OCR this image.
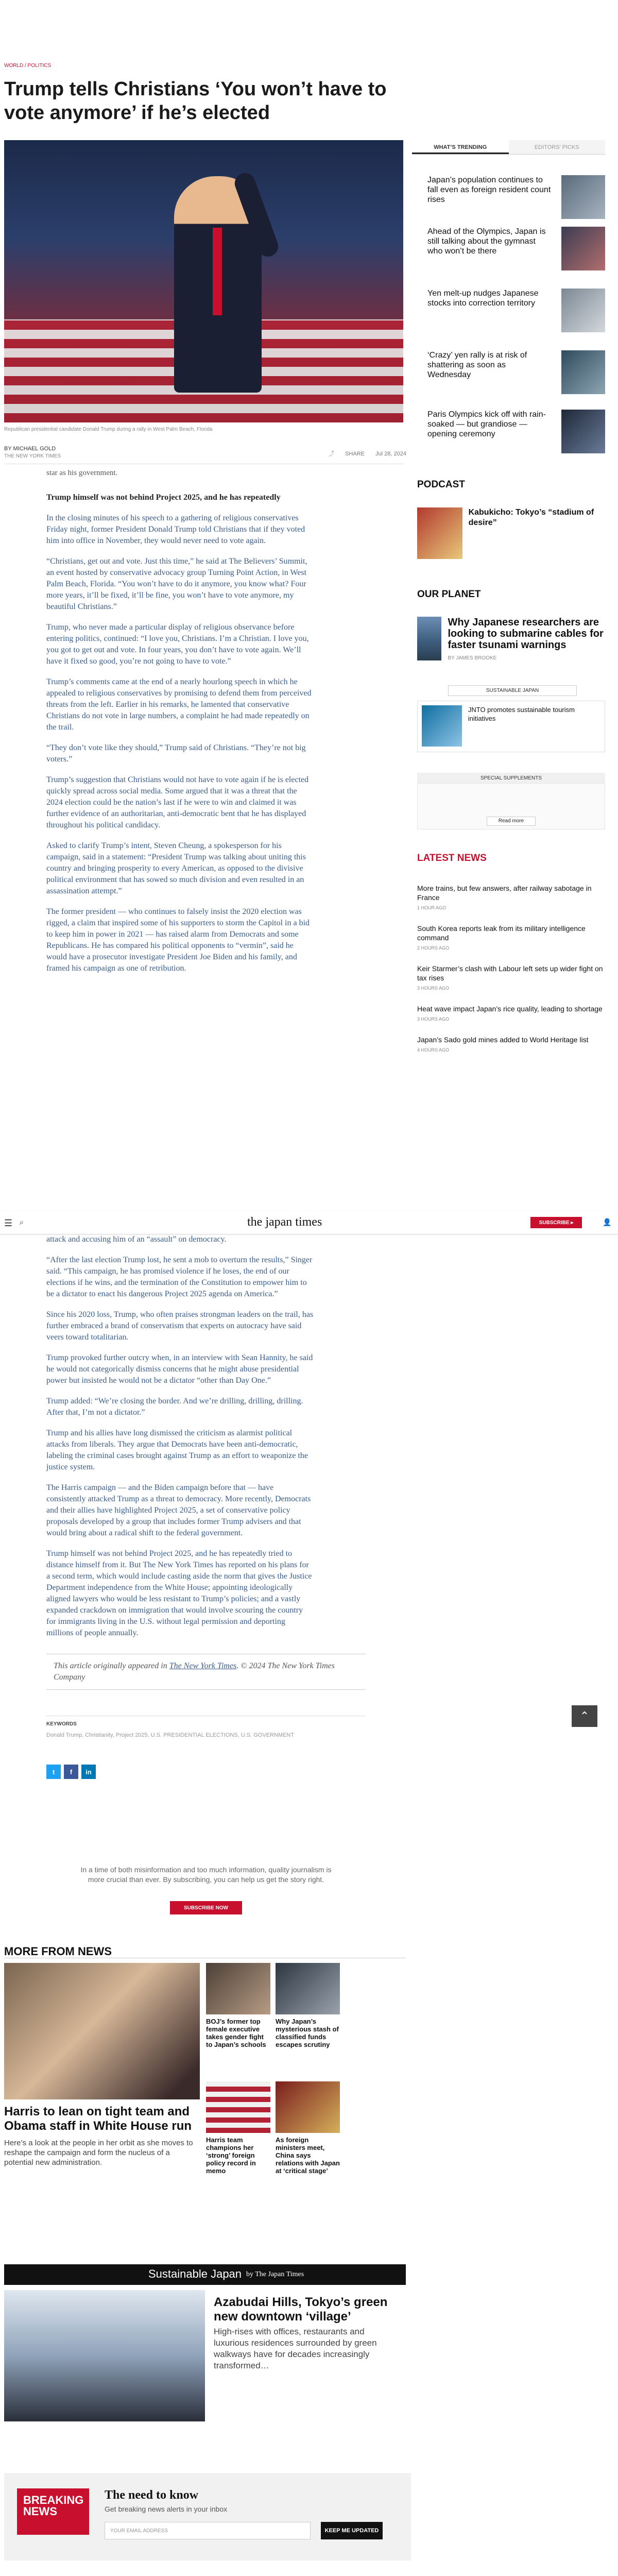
WORLD / POLITICS
Trump tells Christians ‘You won’t have to vote anymore’ if he’s elected
Republican presidential candidate Donald Trump during a rally in West Palm Beach, Florida
BY MICHAEL GOLD
THE NEW YORK TIMES	⤴ SHARE Jul 28, 2024
star as his government.

Trump himself was not behind Project 2025, and he has repeatedly

In the closing minutes of his speech to a gathering of religious conservatives Friday night, former President Donald Trump told Christians that if they voted him into office in November, they would never need to vote again.

“Christians, get out and vote. Just this time,” he said at The Believers’ Summit, an event hosted by conservative advocacy group Turning Point Action, in West Palm Beach, Florida. “You won’t have to do it anymore, you know what? Four more years, it’ll be fixed, it’ll be fine, you won’t have to vote anymore, my beautiful Christians.”

Trump, who never made a particular display of religious observance before entering politics, continued: “I love you, Christians. I’m a Christian. I love you, you got to get out and vote. In four years, you don’t have to vote again. We’ll have it fixed so good, you’re not going to have to vote.”

Trump’s comments came at the end of a nearly hourlong speech in which he appealed to religious conservatives by promising to defend them from perceived threats from the left. Earlier in his remarks, he lamented that conservative Christians do not vote in large numbers, a complaint he had made repeatedly on the trail.

“They don’t vote like they should,” Trump said of Christians. “They’re not big voters.”

Trump’s suggestion that Christians would not have to vote again if he is elected quickly spread across social media. Some argued that it was a threat that the 2024 election could be the nation’s last if he were to win and claimed it was further evidence of an authoritarian, anti-democratic bent that he has displayed throughout his political candidacy.

Asked to clarify Trump’s intent, Steven Cheung, a spokesperson for his campaign, said in a statement: “President Trump was talking about uniting this country and bringing prosperity to every American, as opposed to the divisive political environment that has sowed so much division and even resulted in an assassination attempt.”

The former president — who continues to falsely insist the 2020 election was rigged, a claim that inspired some of his supporters to storm the Capitol in a bid to keep him in power in 2021 — has raised alarm from Democrats and some Republicans. He has compared his political opponents to “vermin”, said he would have a prosecutor investigate President Joe Biden and his family, and framed his campaign as one of retribution.

☰ ⌕	the japan times	SUBSCRIBE ▸	👤

attack and accusing him of an “assault” on democracy.

“After the last election Trump lost, he sent a mob to overturn the results,” Singer said. “This campaign, he has promised violence if he loses, the end of our elections if he wins, and the termination of the Constitution to empower him to be a dictator to enact his dangerous Project 2025 agenda on America.”

Since his 2020 loss, Trump, who often praises strongman leaders on the trail, has further embraced a brand of conservatism that experts on autocracy have said veers toward totalitarian.

Trump provoked further outcry when, in an interview with Sean Hannity, he said he would not categorically dismiss concerns that he might abuse presidential power but insisted he would not be a dictator “other than Day One.”

Trump added: “We’re closing the border. And we’re drilling, drilling, drilling. After that, I’m not a dictator.”

Trump and his allies have long dismissed the criticism as alarmist political attacks from liberals. They argue that Democrats have been anti-democratic, labeling the criminal cases brought against Trump as an effort to weaponize the justice system.

The Harris campaign — and the Biden campaign before that — have consistently attacked Trump as a threat to democracy. More recently, Democrats and their allies have highlighted Project 2025, a set of conservative policy proposals developed by a group that includes former Trump advisers and that would bring about a radical shift to the federal government.

Trump himself was not behind Project 2025, and he has repeatedly tried to distance himself from it. But The New York Times has reported on his plans for a second term, which would include casting aside the norm that gives the Justice Department independence from the White House; appointing ideologically aligned lawyers who would be less resistant to Trump’s policies; and a vastly expanded crackdown on immigration that would involve scouring the country for immigrants living in the U.S. without legal permission and deporting millions of people annually.

This article originally appeared in The New York Times. © 2024 The New York Times Company
KEYWORDS
Donald Trump, Christianity, Project 2025, U.S. PRESIDENTIAL ELECTIONS, U.S. GOVERNMENT
t	f	in
WHAT’S TRENDING	EDITORS’ PICKS
Japan’s population continues to fall even as foreign resident count rises
Ahead of the Olympics, Japan is still talking about the gymnast who won’t be there
Yen melt-up nudges Japanese stocks into correction territory
‘Crazy’ yen rally is at risk of shattering as soon as Wednesday
Paris Olympics kick off with rain-soaked — but grandiose — opening ceremony
PODCAST
Kabukicho: Tokyo’s “stadium of desire”
OUR PLANET
Why Japanese researchers are looking to submarine cables for faster tsunami warnings
BY JAMES BROOKE
SUSTAINABLE JAPAN
JNTO promotes sustainable tourism initiatives
SPECIAL SUPPLEMENTS
Read more
LATEST NEWS
More trains, but few answers, after railway sabotage in France
1 HOUR AGO
South Korea reports leak from its military intelligence command
2 HOURS AGO
Keir Starmer’s clash with Labour left sets up wider fight on tax rises
3 HOURS AGO
Heat wave impact Japan’s rice quality, leading to shortage
3 HOURS AGO
Japan’s Sado gold mines added to World Heritage list
4 HOURS AGO
⌃

In a time of both misinformation and too much information, quality journalism is more crucial than ever. By subscribing, you can help us get the story right.

SUBSCRIBE NOW
MORE FROM NEWS
Harris to lean on tight team and Obama staff in White House run
Here’s a look at the people in her orbit as she moves to reshape the campaign and form the nucleus of a potential new administration.
BOJ’s former top female executive takes gender fight to Japan’s schools
Why Japan’s mysterious stash of classified funds escapes scrutiny
Harris team champions her ‘strong’ foreign policy record in memo
As foreign ministers meet, China says relations with Japan at ‘critical stage’
Sustainable Japan by The Japan Times
Azabudai Hills, Tokyo’s green new downtown ‘village’
High-rises with offices, restaurants and luxurious residences surrounded by green walkways have for decades increasingly transformed…
BREAKING NEWS
The need to know
Get breaking news alerts in your inbox
YOUR EMAIL ADDRESS	KEEP ME UPDATED
